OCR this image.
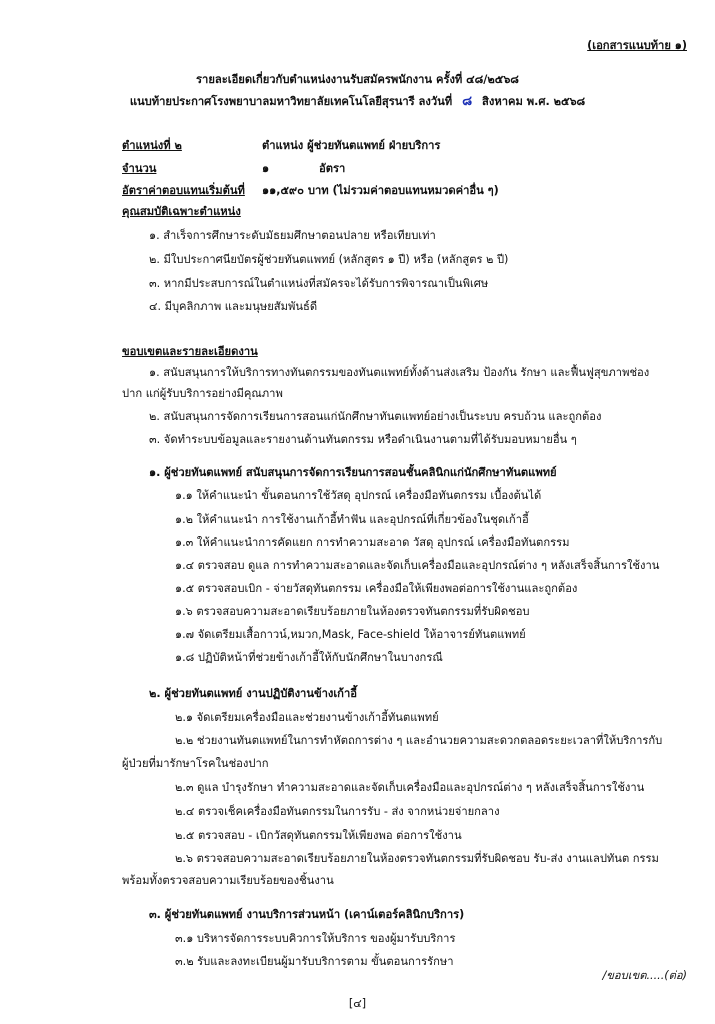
(เอกสารแนบท้าย ๑)
รายละเอียดเกี่ยวกับตำแหน่งงานรับสมัครพนักงาน ครั้งที่ ๔๘/๒๕๖๘
แนบท้ายประกาศโรงพยาบาลมหาวิทยาลัยเทคโนโลยีสุรนารี ลงวันที่ ๘ สิงหาคม พ.ศ. ๒๕๖๘
ตำแหน่งที่ ๒	ตำแหน่ง ผู้ช่วยทันตแพทย์ ฝ่ายบริการ
จำนวน	๑	อัตรา
อัตราค่าตอบแทนเริ่มต้นที่ ๑๑,๕๙๐ บาท (ไม่รวมค่าตอบแทนหมวดค่าอื่น ๆ)
คุณสมบัติเฉพาะตำแหน่ง
๑. สำเร็จการศึกษาระดับมัธยมศึกษาตอนปลาย หรือเทียบเท่า
๒. มีใบประกาศนียบัตรผู้ช่วยทันตแพทย์ (หลักสูตร ๑ ปี) หรือ (หลักสูตร ๒ ปี)
๓. หากมีประสบการณ์ในตำแหน่งที่สมัครจะได้รับการพิจารณาเป็นพิเศษ
๔. มีบุคลิกภาพ และมนุษยสัมพันธ์ดี
ขอบเขตและรายละเอียดงาน
๑. สนับสนุนการให้บริการทางทันตกรรมของทันตแพทย์ทั้งด้านส่งเสริม ป้องกัน รักษา และฟื้นฟูสุขภาพช่อง
ปาก แก่ผู้รับบริการอย่างมีคุณภาพ
๒. สนับสนุนการจัดการเรียนการสอนแก่นักศึกษาทันตแพทย์อย่างเป็นระบบ ครบถ้วน และถูกต้อง
๓. จัดทำระบบข้อมูลและรายงานด้านทันตกรรม หรือดำเนินงานตามที่ได้รับมอบหมายอื่น ๆ
๑. ผู้ช่วยทันตแพทย์ สนับสนุนการจัดการเรียนการสอนชั้นคลินิกแก่นักศึกษาทันตแพทย์
๑.๑ ให้คำแนะนำ ขั้นตอนการใช้วัสดุ อุปกรณ์ เครื่องมือทันตกรรม เบื้องต้นได้
๑.๒ ให้คำแนะนำ การใช้งานเก้าอี้ทำฟัน และอุปกรณ์ที่เกี่ยวข้องในชุดเก้าอี้
๑.๓ ให้คำแนะนำการคัดแยก การทำความสะอาด วัสดุ อุปกรณ์ เครื่องมือทันตกรรม
๑.๔ ตรวจสอบ ดูแล การทำความสะอาดและจัดเก็บเครื่องมือและอุปกรณ์ต่าง ๆ หลังเสร็จสิ้นการใช้งาน
๑.๕ ตรวจสอบเบิก - จ่ายวัสดุทันตกรรม เครื่องมือให้เพียงพอต่อการใช้งานและถูกต้อง
๑.๖ ตรวจสอบความสะอาดเรียบร้อยภายในห้องตรวจทันตกรรมที่รับผิดชอบ
๑.๗ จัดเตรียมเสื้อกาวน์,หมวก,Mask, Face-shield ให้อาจารย์ทันตแพทย์
๑.๘ ปฏิบัติหน้าที่ช่วยข้างเก้าอี้ให้กับนักศึกษาในบางกรณี
๒. ผู้ช่วยทันตแพทย์ งานปฏิบัติงานข้างเก้าอี้
๒.๑ จัดเตรียมเครื่องมือและช่วยงานข้างเก้าอี้ทันตแพทย์
๒.๒ ช่วยงานทันตแพทย์ในการทำหัตถการต่าง ๆ และอำนวยความสะดวกตลอดระยะเวลาที่ให้บริการกับ
ผู้ป่วยที่มารักษาโรคในช่องปาก
๒.๓ ดูแล บำรุงรักษา ทำความสะอาดและจัดเก็บเครื่องมือและอุปกรณ์ต่าง ๆ หลังเสร็จสิ้นการใช้งาน
๒.๔ ตรวจเช็คเครื่องมือทันตกรรมในการรับ - ส่ง จากหน่วยจ่ายกลาง
๒.๕ ตรวจสอบ - เบิกวัสดุทันตกรรมให้เพียงพอ ต่อการใช้งาน
๒.๖ ตรวจสอบความสะอาดเรียบร้อยภายในห้องตรวจทันตกรรมที่รับผิดชอบ รับ-ส่ง งานแลปทันต กรรม
พร้อมทั้งตรวจสอบความเรียบร้อยของชิ้นงาน
๓. ผู้ช่วยทันตแพทย์ งานบริการส่วนหน้า (เคาน์เตอร์คลินิกบริการ)
๓.๑ บริหารจัดการระบบคิวการให้บริการ ของผู้มารับบริการ
๓.๒ รับและลงทะเบียนผู้มารับบริการตาม ขั้นตอนการรักษา
/ขอบเขต.....(ต่อ)
[๔]
